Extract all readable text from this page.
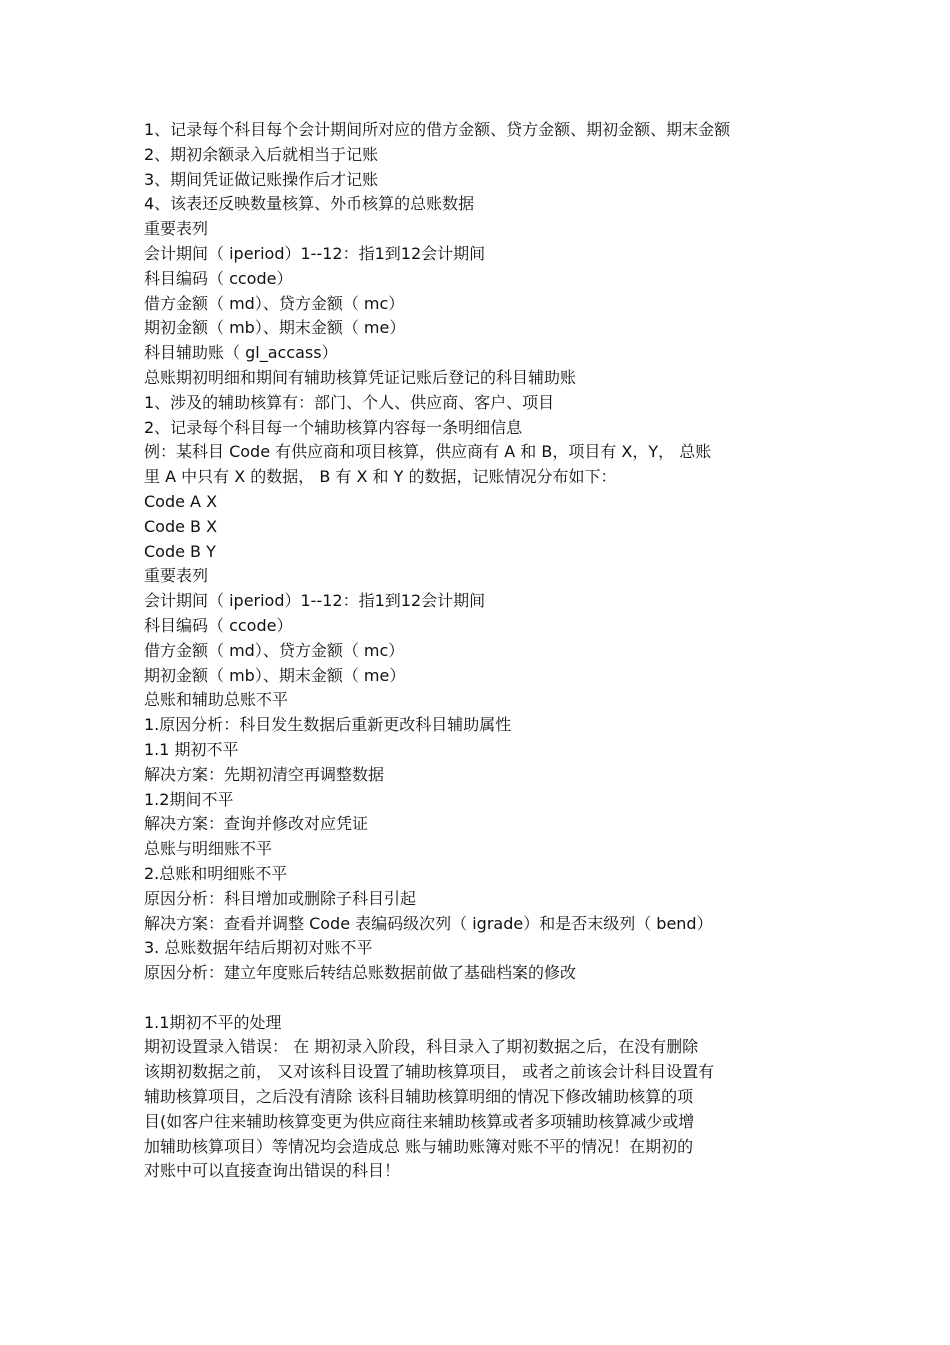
1、记录每个科目每个会计期间所对应的借方金额、贷方金额、期初金额、期末金额

2、期初余额录入后就相当于记账

3、期间凭证做记账操作后才记账

4、该表还反映数量核算、外币核算的总账数据

重要表列

会计期间（ iperiod）1--12：指1到12会计期间

科目编码（ ccode）

借方金额（ md）、贷方金额（ mc）

期初金额（ mb）、期末金额（ me）

科目辅助账（ gl_accass）

总账期初明细和期间有辅助核算凭证记账后登记的科目辅助账

1、涉及的辅助核算有：部门、个人、供应商、客户、项目

2、记录每个科目每一个辅助核算内容每一条明细信息

例：某科目 Code 有供应商和项目核算，供应商有 A 和 B，项目有 X，Y， 总账

里 A 中只有 X 的数据， B 有 X 和 Y 的数据，记账情况分布如下：

Code A X

Code B X

Code B Y

重要表列

会计期间（ iperiod）1--12：指1到12会计期间

科目编码（ ccode）

借方金额（ md）、贷方金额（ mc）

期初金额（ mb）、期末金额（ me）

总账和辅助总账不平

1.原因分析：科目发生数据后重新更改科目辅助属性

1.1 期初不平

解决方案：先期初清空再调整数据

1.2期间不平

解决方案：查询并修改对应凭证

总账与明细账不平

2.总账和明细账不平

原因分析：科目增加或删除子科目引起

解决方案：查看并调整 Code 表编码级次列（ igrade）和是否末级列（ bend）

3. 总账数据年结后期初对账不平

原因分析：建立年度账后转结总账数据前做了基础档案的修改

1.1期初不平的处理

期初设置录入错误： 在 期初录入阶段，科目录入了期初数据之后，在没有删除

该期初数据之前， 又对该科目设置了辅助核算项目， 或者之前该会计科目设置有

辅助核算项目，之后没有清除 该科目辅助核算明细的情况下修改辅助核算的项

目(如客户往来辅助核算变更为供应商往来辅助核算或者多项辅助核算减少或增

加辅助核算项目）等情况均会造成总 账与辅助账簿对账不平的情况！在期初的

对账中可以直接查询出错误的科目！
